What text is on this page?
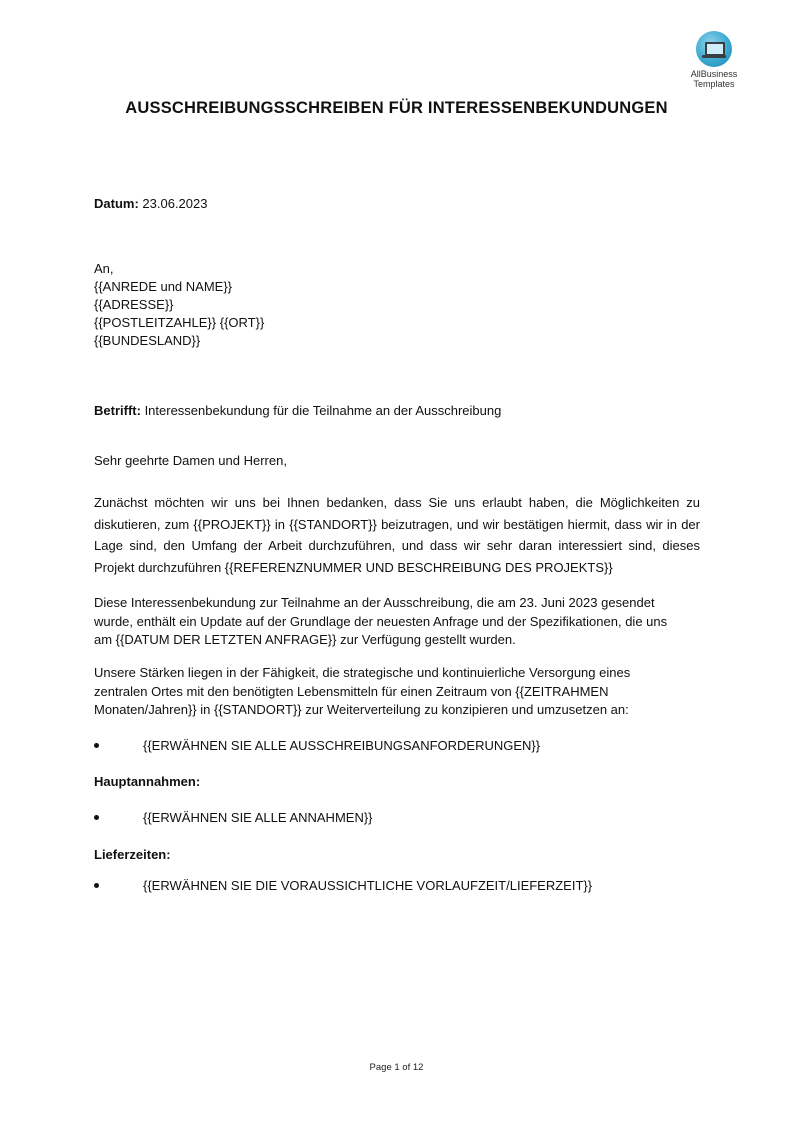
AllBusiness
Templates
AUSSCHREIBUNGSSCHREIBEN FÜR INTERESSENBEKUNDUNGEN
Datum: 23.06.2023
An,
{{ANREDE und NAME}}
{{ADRESSE}}
{{POSTLEITZAHLE}} {{ORT}}
{{BUNDESLAND}}
Betrifft: Interessenbekundung für die Teilnahme an der Ausschreibung
Sehr geehrte Damen und Herren,
Zunächst möchten wir uns bei Ihnen bedanken, dass Sie uns erlaubt haben, die Möglichkeiten zu diskutieren, zum {{PROJEKT}} in {{STANDORT}} beizutragen, und wir bestätigen hiermit, dass wir in der Lage sind, den Umfang der Arbeit durchzuführen, und dass wir sehr daran interessiert sind, dieses Projekt durchzuführen {{REFERENZNUMMER UND BESCHREIBUNG DES PROJEKTS}}
Diese Interessenbekundung zur Teilnahme an der Ausschreibung, die am 23. Juni 2023 gesendet
wurde, enthält ein Update auf der Grundlage der neuesten Anfrage und der Spezifikationen, die uns
am {{DATUM DER LETZTEN ANFRAGE}} zur Verfügung gestellt wurden.
Unsere Stärken liegen in der Fähigkeit, die strategische und kontinuierliche Versorgung eines
zentralen Ortes mit den benötigten Lebensmitteln für einen Zeitraum von {{ZEITRAHMEN
Monaten/Jahren}} in {{STANDORT}} zur Weiterverteilung zu konzipieren und umzusetzen an:
{{ERWÄHNEN SIE ALLE AUSSCHREIBUNGSANFORDERUNGEN}}
Hauptannahmen:
{{ERWÄHNEN SIE ALLE ANNAHMEN}}
Lieferzeiten:
{{ERWÄHNEN SIE DIE VORAUSSICHTLICHE VORLAUFZEIT/LIEFERZEIT}}
Page 1 of 12
